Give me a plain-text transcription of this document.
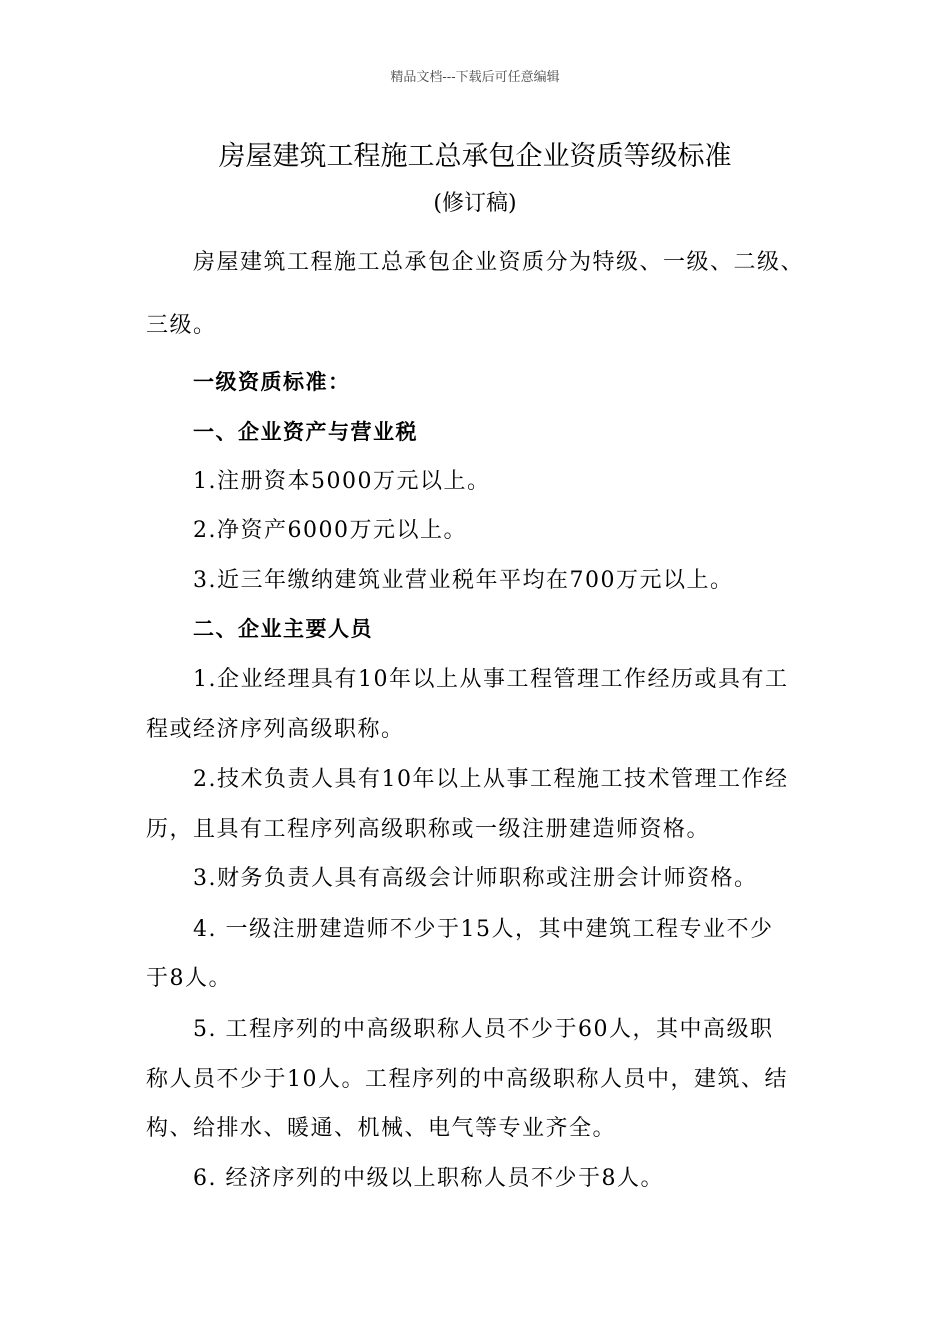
精品文档---下载后可任意编辑
房屋建筑工程施工总承包企业资质等级标准
(修订稿)
房屋建筑工程施工总承包企业资质分为特级、一级、二级、
三级。
一级资质标准：
一、企业资产与营业税
1.注册资本5000万元以上。
2.净资产6000万元以上。
3.近三年缴纳建筑业营业税年平均在700万元以上。
二、企业主要人员
1.企业经理具有10年以上从事工程管理工作经历或具有工
程或经济序列高级职称。
2.技术负责人具有10年以上从事工程施工技术管理工作经
历，且具有工程序列高级职称或一级注册建造师资格。
3.财务负责人具有高级会计师职称或注册会计师资格。
4. 一级注册建造师不少于15人，其中建筑工程专业不少
于8人。
5. 工程序列的中高级职称人员不少于60人，其中高级职
称人员不少于10人。工程序列的中高级职称人员中，建筑、结
构、给排水、暖通、机械、电气等专业齐全。
6. 经济序列的中级以上职称人员不少于8人。
